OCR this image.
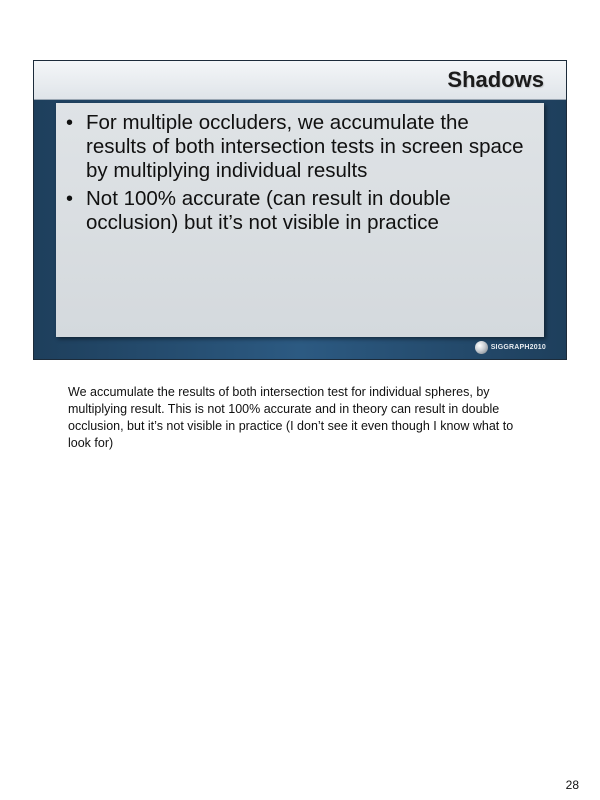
Shadows
• For multiple occluders, we accumulate the results of both intersection tests in screen space by multiplying individual results
• Not 100% accurate (can result in double occlusion) but it’s not visible in practice
SIGGRAPH2010

We accumulate the results of both intersection test for individual spheres, by multiplying result. This is not 100% accurate and in theory can result in double occlusion, but it’s not visible in practice (I don’t see it even though I know what to look for)

28
